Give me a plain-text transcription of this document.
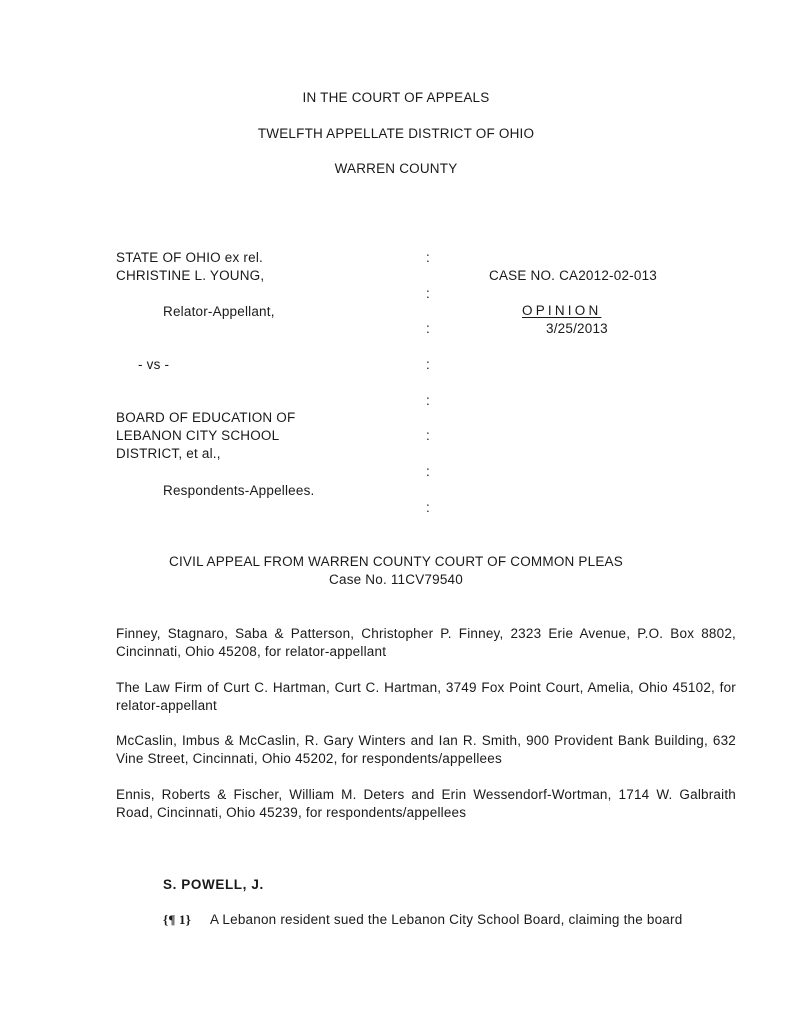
IN THE COURT OF APPEALS
TWELFTH APPELLATE DISTRICT OF OHIO
WARREN COUNTY
STATE OF OHIO ex rel.
CHRISTINE L. YOUNG,
Relator-Appellant,
- vs -
BOARD OF EDUCATION OF
LEBANON CITY SCHOOL
DISTRICT, et al.,
Respondents-Appellees.
:
:
:
:
:
:
:
:
CASE NO. CA2012-02-013
OPINION
3/25/2013
CIVIL APPEAL FROM WARREN COUNTY COURT OF COMMON PLEAS
Case No. 11CV79540
Finney, Stagnaro, Saba & Patterson, Christopher P. Finney, 2323 Erie Avenue, P.O. Box 8802, Cincinnati, Ohio 45208, for relator-appellant
The Law Firm of Curt C. Hartman, Curt C. Hartman, 3749 Fox Point Court, Amelia, Ohio 45102, for relator-appellant
McCaslin, Imbus & McCaslin, R. Gary Winters and Ian R. Smith, 900 Provident Bank Building, 632 Vine Street, Cincinnati, Ohio 45202, for respondents/appellees
Ennis, Roberts & Fischer, William M. Deters and Erin Wessendorf-Wortman, 1714 W. Galbraith Road, Cincinnati, Ohio 45239, for respondents/appellees
S. POWELL, J.
{¶ 1} A Lebanon resident sued the Lebanon City School Board, claiming the board
